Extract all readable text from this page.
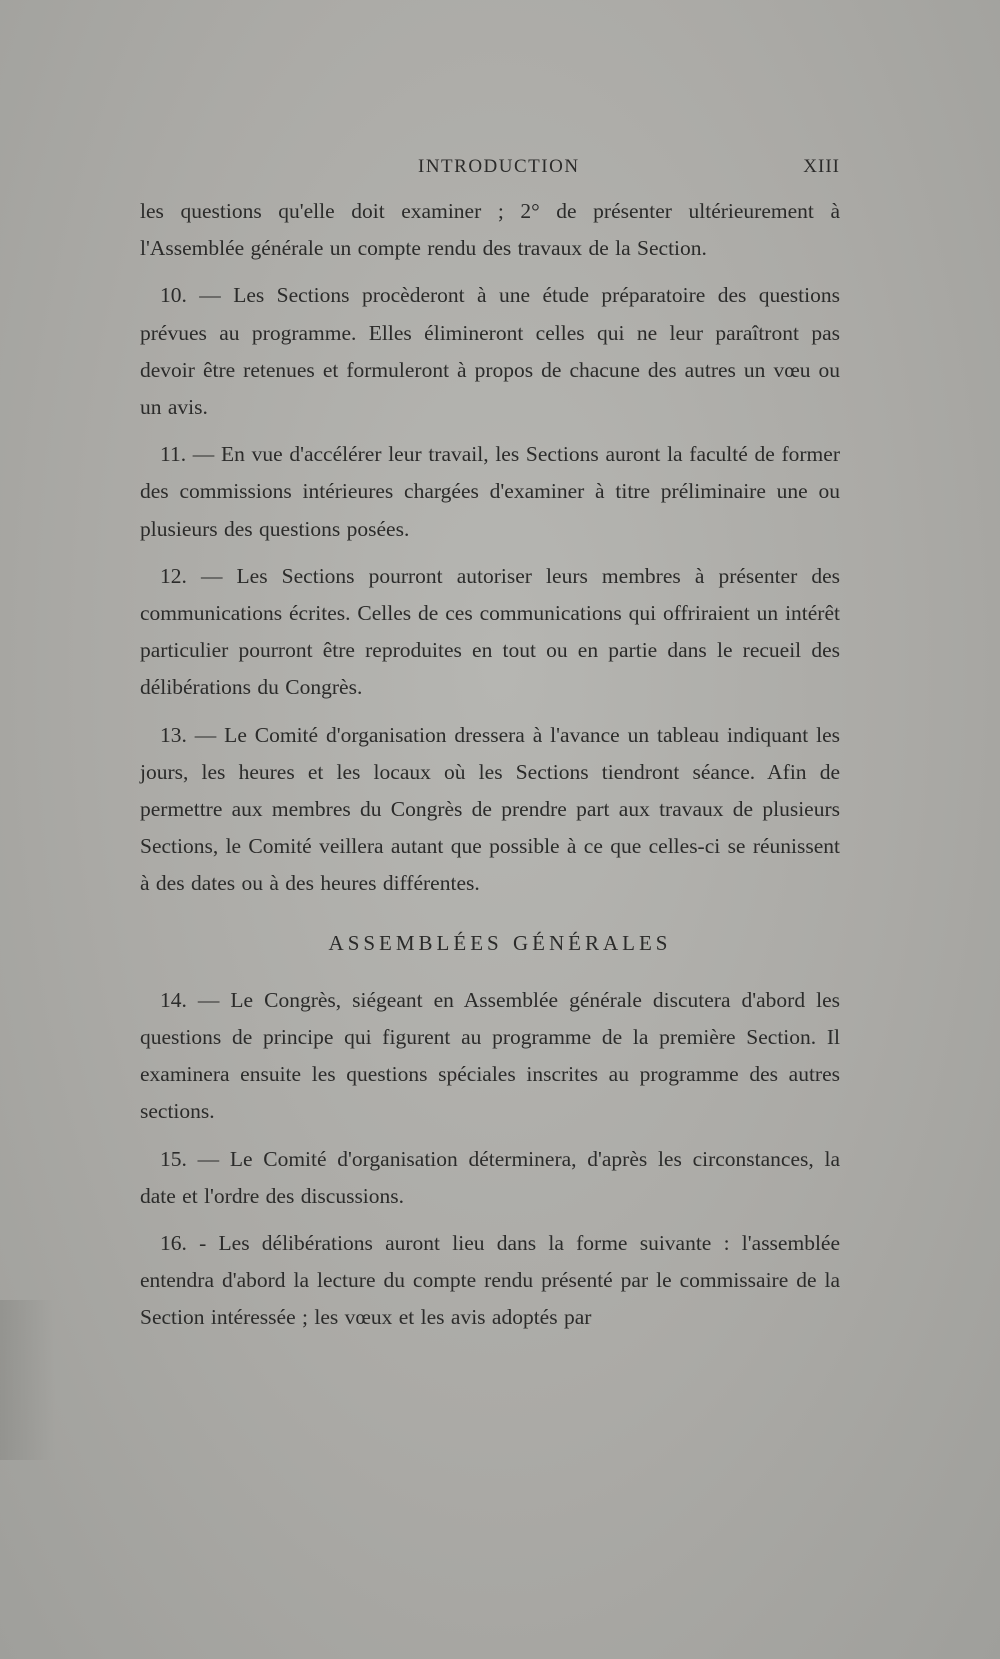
INTRODUCTION	XIII

les questions qu'elle doit examiner ; 2° de présenter ultérieurement à l'Assemblée générale un compte rendu des travaux de la Section.

10. — Les Sections procèderont à une étude préparatoire des questions prévues au programme. Elles élimineront celles qui ne leur paraîtront pas devoir être retenues et formuleront à propos de chacune des autres un vœu ou un avis.

11. — En vue d'accélérer leur travail, les Sections auront la faculté de former des commissions intérieures chargées d'examiner à titre préliminaire une ou plusieurs des questions posées.

12. — Les Sections pourront autoriser leurs membres à présenter des communications écrites. Celles de ces communications qui offriraient un intérêt particulier pourront être reproduites en tout ou en partie dans le recueil des délibérations du Congrès.

13. — Le Comité d'organisation dressera à l'avance un tableau indiquant les jours, les heures et les locaux où les Sections tiendront séance. Afin de permettre aux membres du Congrès de prendre part aux travaux de plusieurs Sections, le Comité veillera autant que possible à ce que celles-ci se réunissent à des dates ou à des heures différentes.

ASSEMBLÉES GÉNÉRALES

14. — Le Congrès, siégeant en Assemblée générale discutera d'abord les questions de principe qui figurent au programme de la première Section. Il examinera ensuite les questions spéciales inscrites au programme des autres sections.

15. — Le Comité d'organisation déterminera, d'après les circonstances, la date et l'ordre des discussions.

16. - Les délibérations auront lieu dans la forme suivante : l'assemblée entendra d'abord la lecture du compte rendu présenté par le commissaire de la Section intéressée ; les vœux et les avis adoptés par
